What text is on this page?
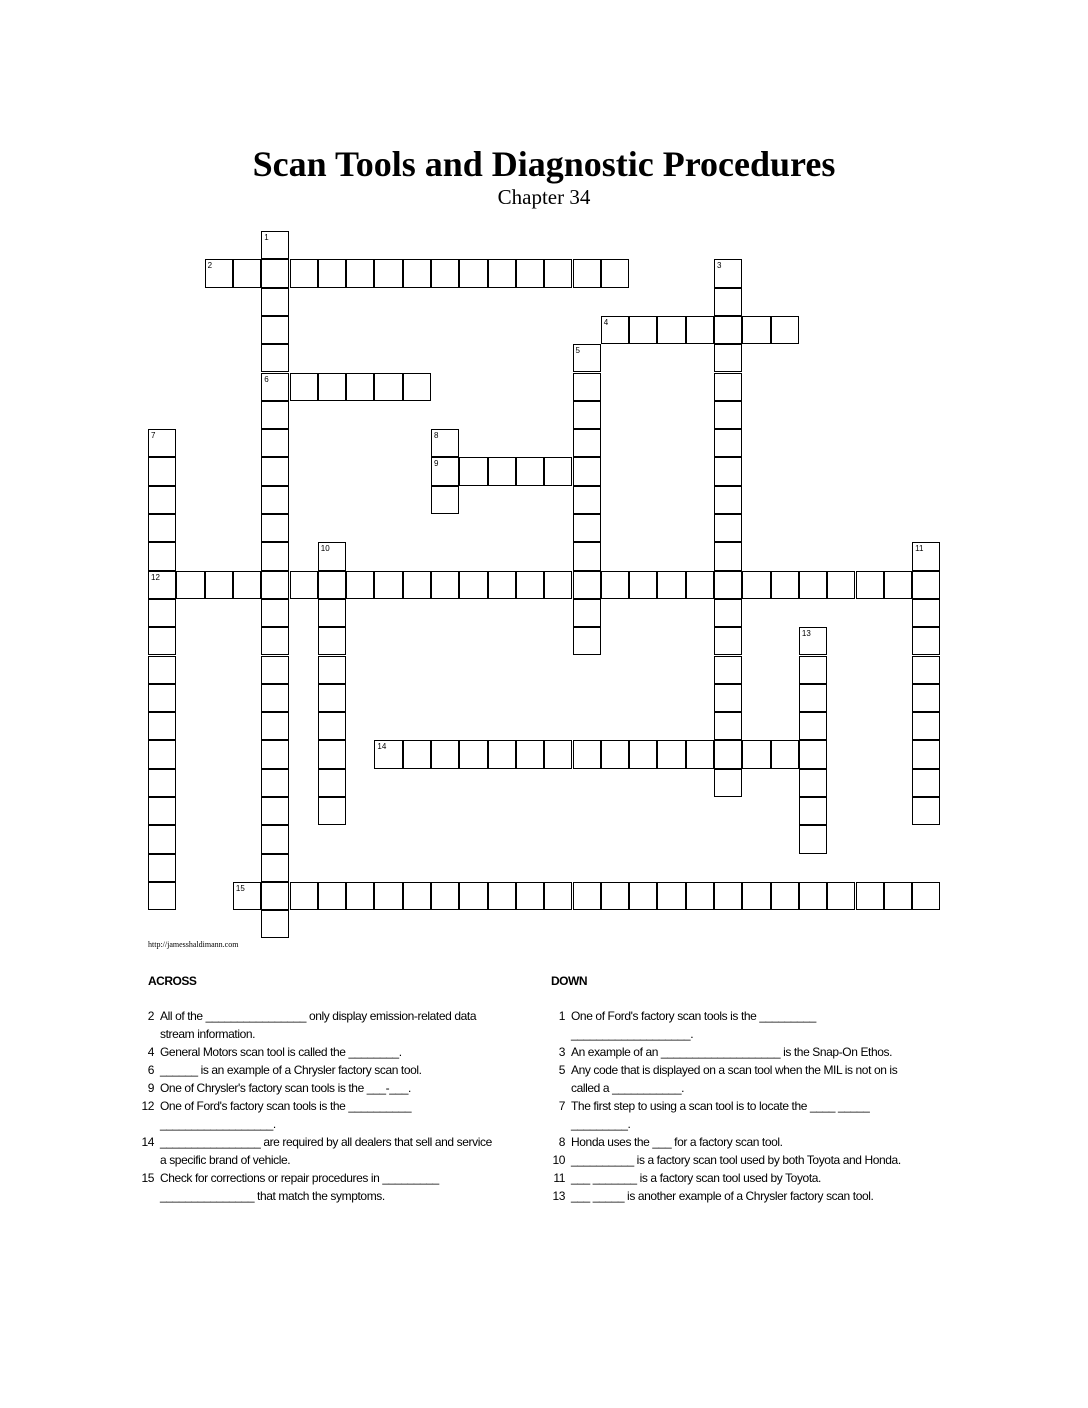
Scan Tools and Diagnostic Procedures
Chapter 34
1
2	3
4
5
6
7	8
9
10	11
12
13
14
15
http://jamesshaldimann.com
ACROSS	DOWN
2 All of the ________________ only display emission-related data stream information.
4 General Motors scan tool is called the ________.
6 ______ is an example of a Chrysler factory scan tool.
9 One of Chrysler's factory scan tools is the ___-___.
12 One of Ford's factory scan tools is the __________ __________________.
14 ________________ are required by all dealers that sell and service a specific brand of vehicle.
15 Check for corrections or repair procedures in _________ _______________ that match the symptoms.
1 One of Ford's factory scan tools is the _________ ___________________.
3 An example of an ___________________ is the Snap-On Ethos.
5 Any code that is displayed on a scan tool when the MIL is not on is called a ___________.
7 The first step to using a scan tool is to locate the ____ _____ _________.
8 Honda uses the ___ for a factory scan tool.
10 __________ is a factory scan tool used by both Toyota and Honda.
11 ___ _______ is a factory scan tool used by Toyota.
13 ___ _____ is another example of a Chrysler factory scan tool.
